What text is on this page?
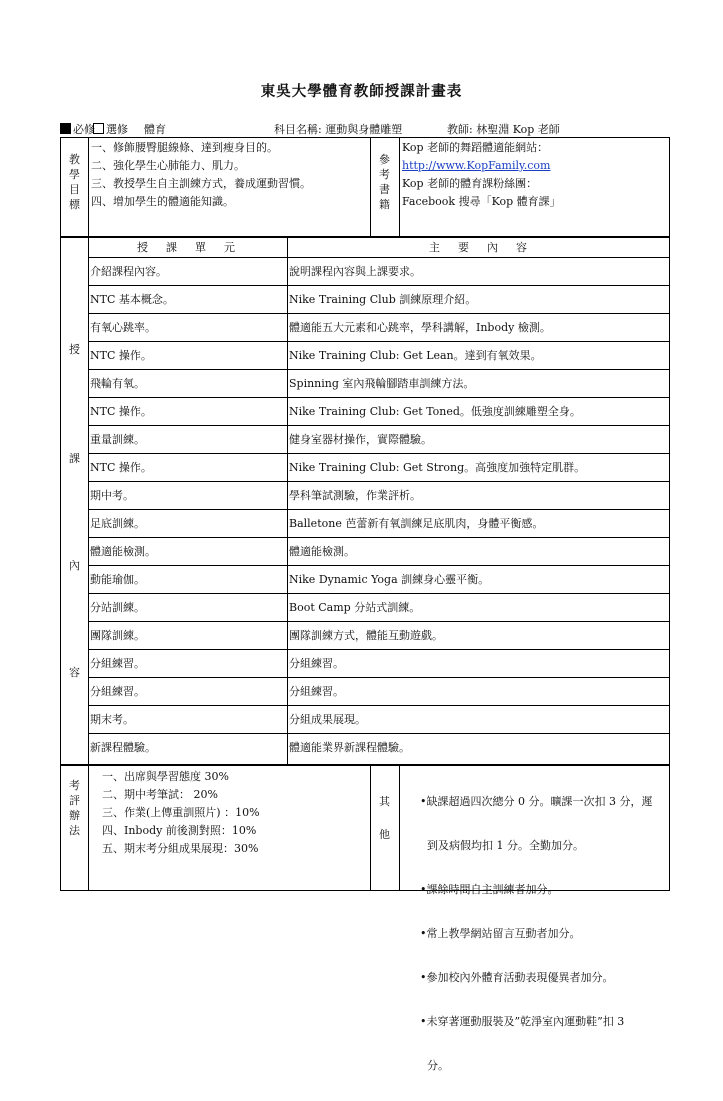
東吳大學體育教師授課計畫表
必修	選修 體育	科目名稱: 運動與身體雕塑	教師: 林聖淵 Kop 老師
教
學
目
標
一、修飾腰臀腿線條、達到瘦身目的。
二、強化學生心肺能力、肌力。
三、教授學生自主訓練方式，養成運動習慣。
四、增加學生的體適能知識。
參
考
書
籍
Kop 老師的舞蹈體適能網站：
http://www.KopFamily.com
Kop 老師的體育課粉絲團：
Facebook 搜尋「Kop 體育課」
授
課
內
容
授課單元	主要內容
介紹課程內容。	說明課程內容與上課要求。
NTC 基本概念。	Nike Training Club 訓練原理介紹。
有氧心跳率。	體適能五大元素和心跳率，學科講解，Inbody 檢測。
NTC 操作。	Nike Training Club: Get Lean。達到有氧效果。
飛輪有氧。	Spinning 室內飛輪腳踏車訓練方法。
NTC 操作。	Nike Training Club: Get Toned。低強度訓練雕塑全身。
重量訓練。	健身室器材操作，實際體驗。
NTC 操作。	Nike Training Club: Get Strong。高強度加強特定肌群。
期中考。	學科筆試測驗，作業評析。
足底訓練。	Balletone 芭蕾新有氧訓練足底肌肉，身體平衡感。
體適能檢測。	體適能檢測。
動能瑜伽。	Nike Dynamic Yoga 訓練身心靈平衡。
分站訓練。	Boot Camp 分站式訓練。
團隊訓練。	團隊訓練方式，體能互動遊戲。
分組練習。	分組練習。
分組練習。	分組練習。
期末考。	分組成果展現。
新課程體驗。	體適能業界新課程體驗。
考
評
辦
法
一、出席與學習態度 30%
二、期中考筆試： 20%
三、作業(上傳重訓照片) ：10%
四、Inbody 前後測對照：10%
五、期末考分組成果展現：30%
其
他

•缺課超過四次總分 0 分。曠課一次扣 3 分，遲

到及病假均扣 1 分。全勤加分。

•課餘時間自主訓練者加分。

•常上教學網站留言互動者加分。

•參加校內外體育活動表現優異者加分。

•未穿著運動服裝及”乾淨室內運動鞋”扣 3

分。
